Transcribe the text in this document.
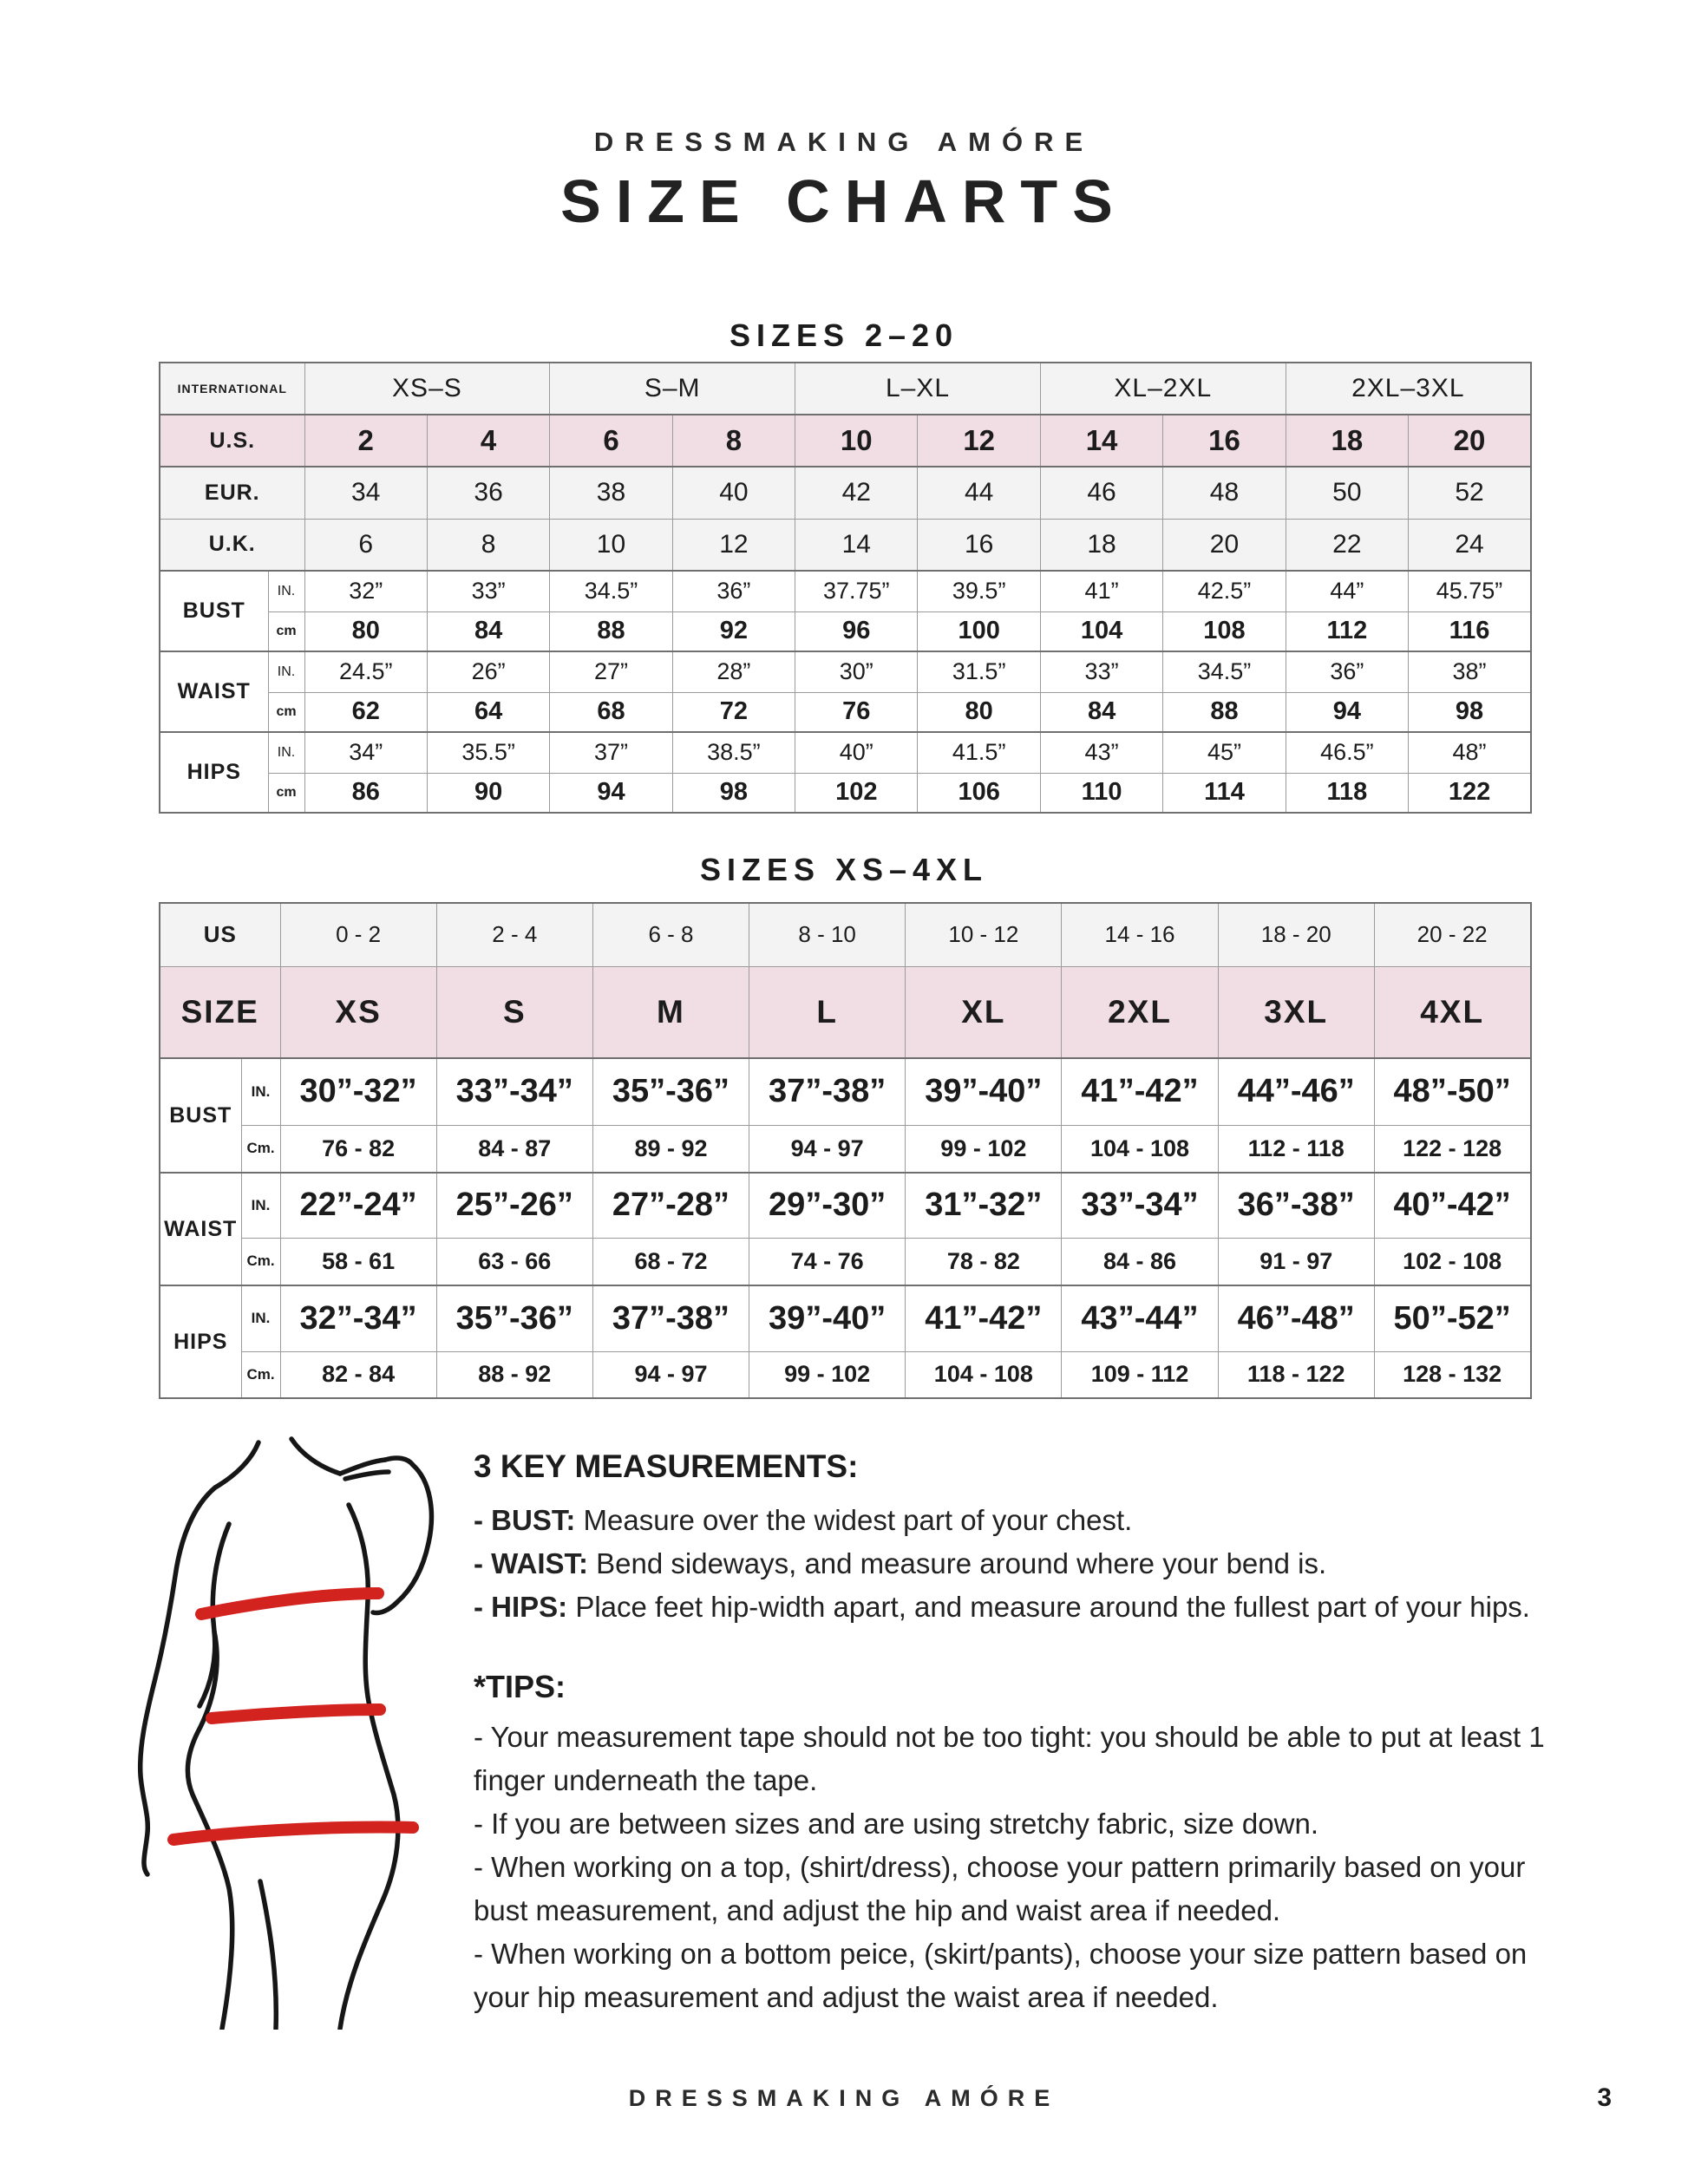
DRESSMAKING AMÓRE
SIZE CHARTS
SIZES 2–20
INTERNATIONAL		XS–S		S–M		L–XL		XL–2XL		2XL–3XL	
U.S.		2	4	6	8	10	12	14	16	18	20
EUR.		34	36	38	40	42	44	46	48	50	52
U.K.		6	8	10	12	14	16	18	20	22	24
BUST	IN.	32”	33”	34.5”	36”	37.75”	39.5”	41”	42.5”	44”	45.75”
	cm	80	84	88	92	96	100	104	108	112	116
WAIST	IN.	24.5”	26”	27”	28”	30”	31.5”	33”	34.5”	36”	38”
	cm	62	64	68	72	76	80	84	88	94	98
HIPS	IN.	34”	35.5”	37”	38.5”	40”	41.5”	43”	45”	46.5”	48”
	cm	86	90	94	98	102	106	110	114	118	122
SIZES XS–4XL
US		0 - 2	2 - 4	6 - 8	8 - 10	10 - 12	14 - 16	18 - 20	20 - 22
SIZE		XS	S	M	L	XL	2XL	3XL	4XL
BUST	IN.	30”-32”	33”-34”	35”-36”	37”-38”	39”-40”	41”-42”	44”-46”	48”-50”
	Cm.	76 - 82	84 - 87	89 - 92	94 - 97	99 - 102	104 - 108	112 - 118	122 - 128
WAIST	IN.	22”-24”	25”-26”	27”-28”	29”-30”	31”-32”	33”-34”	36”-38”	40”-42”
	Cm.	58 - 61	63 - 66	68 - 72	74 - 76	78 - 82	84 - 86	91 - 97	102 - 108
HIPS	IN.	32”-34”	35”-36”	37”-38”	39”-40”	41”-42”	43”-44”	46”-48”	50”-52”
	Cm.	82 - 84	88 - 92	94 - 97	99 - 102	104 - 108	109 - 112	118 - 122	128 - 132
3 KEY MEASUREMENTS:
- BUST: Measure over the widest part of your chest.
- WAIST: Bend sideways, and measure around where your bend is.
- HIPS: Place feet hip-width apart, and measure around the fullest part of your hips.
*TIPS:

- Your measurement tape should not be too tight: you should be able to put at least 1 finger underneath the tape.

- If you are between sizes and are using stretchy fabric, size down.

- When working on a top, (shirt/dress), choose your pattern primarily based on your bust measurement, and adjust the hip and waist area if needed.

- When working on a bottom peice, (skirt/pants), choose your size pattern based on your hip measurement and adjust the waist area if needed.

DRESSMAKING AMÓRE	3
